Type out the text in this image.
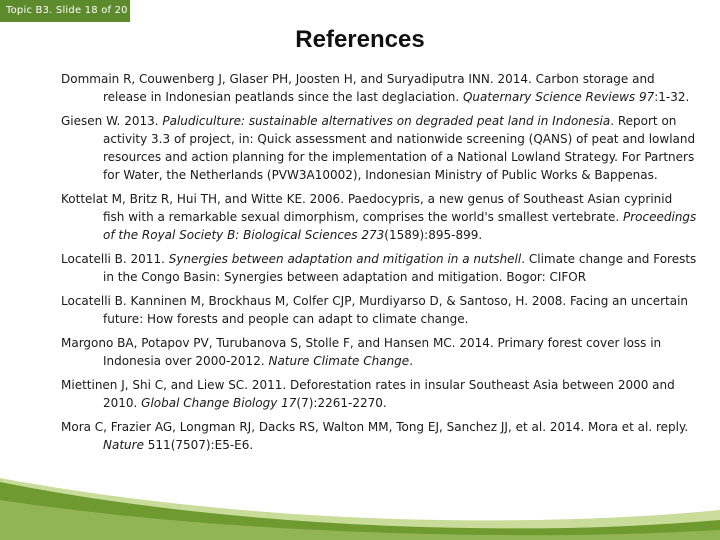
Topic B3. Slide 18 of 20
References
Dommain R, Couwenberg J, Glaser PH, Joosten H, and Suryadiputra INN. 2014. Carbon storage and release in Indonesian peatlands since the last deglaciation. Quaternary Science Reviews 97:1-32.
Giesen W. 2013. Paludiculture: sustainable alternatives on degraded peat land in Indonesia. Report on activity 3.3 of project, in: Quick assessment and nationwide screening (QANS) of peat and lowland resources and action planning for the implementation of a National Lowland Strategy. For Partners for Water, the Netherlands (PVW3A10002), Indonesian Ministry of Public Works & Bappenas.
Kottelat M, Britz R, Hui TH, and Witte KE. 2006. Paedocypris, a new genus of Southeast Asian cyprinid fish with a remarkable sexual dimorphism, comprises the world's smallest vertebrate. Proceedings of the Royal Society B: Biological Sciences 273(1589):895-899.
Locatelli B. 2011. Synergies between adaptation and mitigation in a nutshell. Climate change and Forests in the Congo Basin: Synergies between adaptation and mitigation. Bogor: CIFOR
Locatelli B. Kanninen M, Brockhaus M, Colfer CJP, Murdiyarso D, & Santoso, H. 2008. Facing an uncertain future: How forests and people can adapt to climate change.
Margono BA, Potapov PV, Turubanova S, Stolle F, and Hansen MC. 2014. Primary forest cover loss in Indonesia over 2000-2012. Nature Climate Change.
Miettinen J, Shi C, and Liew SC. 2011. Deforestation rates in insular Southeast Asia between 2000 and 2010. Global Change Biology 17(7):2261-2270.
Mora C, Frazier AG, Longman RJ, Dacks RS, Walton MM, Tong EJ, Sanchez JJ, et al. 2014. Mora et al. reply. Nature 511(7507):E5-E6.
